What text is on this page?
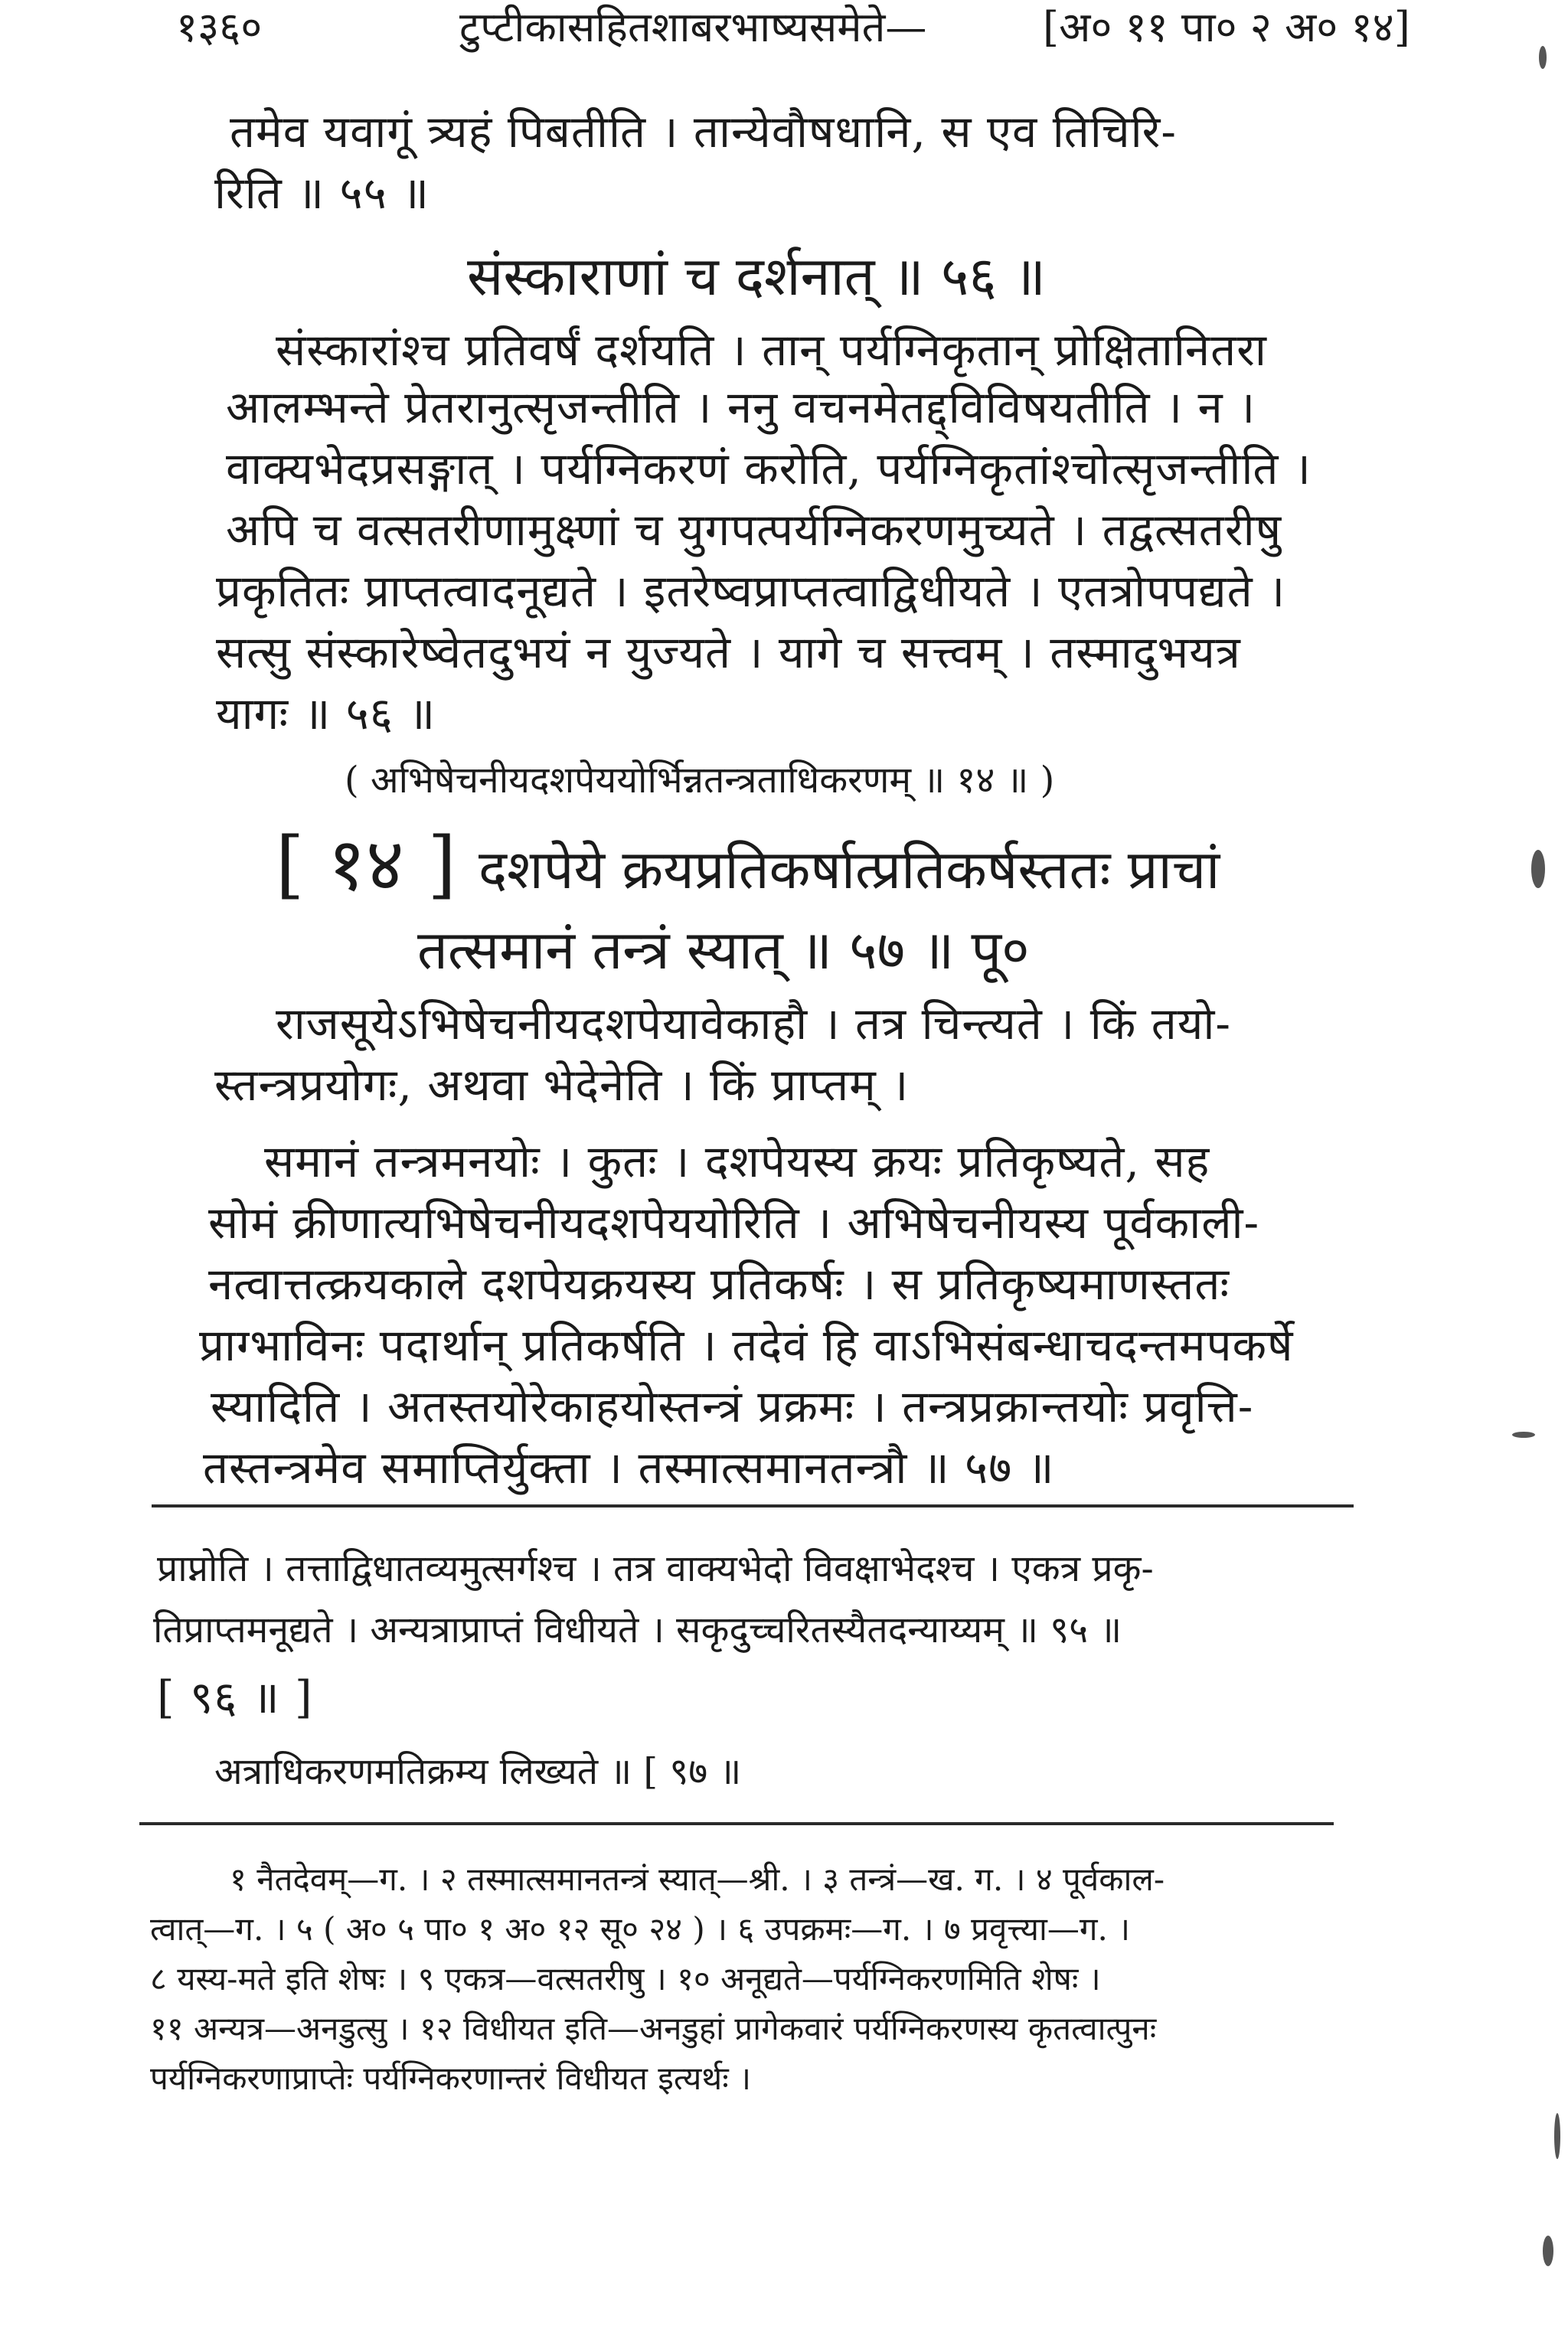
१३६०	टुप्टीकासहितशाबरभाष्यसमेते—	[अ० ११ पा० २ अ० १४]
तमेव यवागूं त्र्यहं पिबतीति । तान्येवौषधानि, स एव तिचिरि-
रिति ॥ ५५ ॥
संस्काराणां च दर्शनात् ॥ ५६ ॥
संस्कारांश्च प्रतिवर्षं दर्शयति । तान् पर्यग्निकृतान् प्रोक्षितानितरा
आलम्भन्ते प्रेतरानुत्सृजन्तीति । ननु वचनमेतद्द्विविषयतीति । न ।
वाक्यभेदप्रसङ्गात् । पर्यग्निकरणं करोति, पर्यग्निकृतांश्चोत्सृजन्तीति ।
अपि च वत्सतरीणामुक्ष्णां च युगपत्पर्यग्निकरणमुच्यते । तद्वत्सतरीषु
प्रकृतितः प्राप्तत्वादनूद्यते । इतरेष्वप्राप्तत्वाद्विधीयते । एतत्रोपपद्यते ।
सत्सु संस्कारेष्वेतदुभयं न युज्यते । यागे च सत्त्वम् । तस्मादुभयत्र
यागः ॥ ५६ ॥
( अभिषेचनीयदशपेययोर्भिन्नतन्त्रताधिकरणम् ॥ १४ ॥ )
[ १४ ] दशपेये क्रयप्रतिकर्षात्प्रतिकर्षस्ततः प्राचां
तत्समानं तन्त्रं स्यात् ॥ ५७ ॥ पू०
राजसूयेऽभिषेचनीयदशपेयावेकाहौ । तत्र चिन्त्यते । किं तयो-
स्तन्त्रप्रयोगः, अथवा भेदेनेति । किं प्राप्तम् ।
समानं तन्त्रमनयोः । कुतः । दशपेयस्य क्रयः प्रतिकृष्यते, सह
सोमं क्रीणात्यभिषेचनीयदशपेययोरिति । अभिषेचनीयस्य पूर्वकाली-
नत्वात्तत्क्रयकाले दशपेयक्रयस्य प्रतिकर्षः । स प्रतिकृष्यमाणस्ततः
प्राग्भाविनः पदार्थान् प्रतिकर्षति । तदेवं हि वाऽभिसंबन्धाचदन्तमपकर्षे
स्यादिति । अतस्तयोरेकाहयोस्तन्त्रं प्रक्रमः । तन्त्रप्रक्रान्तयोः प्रवृत्ति-
तस्तन्त्रमेव समाप्तिर्युक्ता । तस्मात्समानतन्त्रौ ॥ ५७ ॥
प्राप्नोति । तत्ताद्विधातव्यमुत्सर्गश्च । तत्र वाक्यभेदो विवक्षाभेदश्च । एकत्र प्रकृ-
तिप्राप्तमनूद्यते । अन्यत्राप्राप्तं विधीयते । सकृदुच्चरितस्यैतदन्याय्यम् ॥ ९५ ॥
[ ९६ ॥ ]
अत्राधिकरणमतिक्रम्य लिख्यते ॥ [ ९७ ॥
१ नैतदेवम्—ग. । २ तस्मात्समानतन्त्रं स्यात्—श्री. । ३ तन्त्रं—ख. ग. । ४ पूर्वकाल-
त्वात्—ग. । ५ ( अ० ५ पा० १ अ० १२ सू० २४ ) । ६ उपक्रमः—ग. । ७ प्रवृत्त्या—ग. ।
८ यस्य-मते इति शेषः । ९ एकत्र—वत्सतरीषु । १० अनूद्यते—पर्यग्निकरणमिति शेषः ।
११ अन्यत्र—अनडुत्सु । १२ विधीयत इति—अनडुहां प्रागेकवारं पर्यग्निकरणस्य कृतत्वात्पुनः
पर्यग्निकरणाप्राप्तेः पर्यग्निकरणान्तरं विधीयत इत्यर्थः ।
